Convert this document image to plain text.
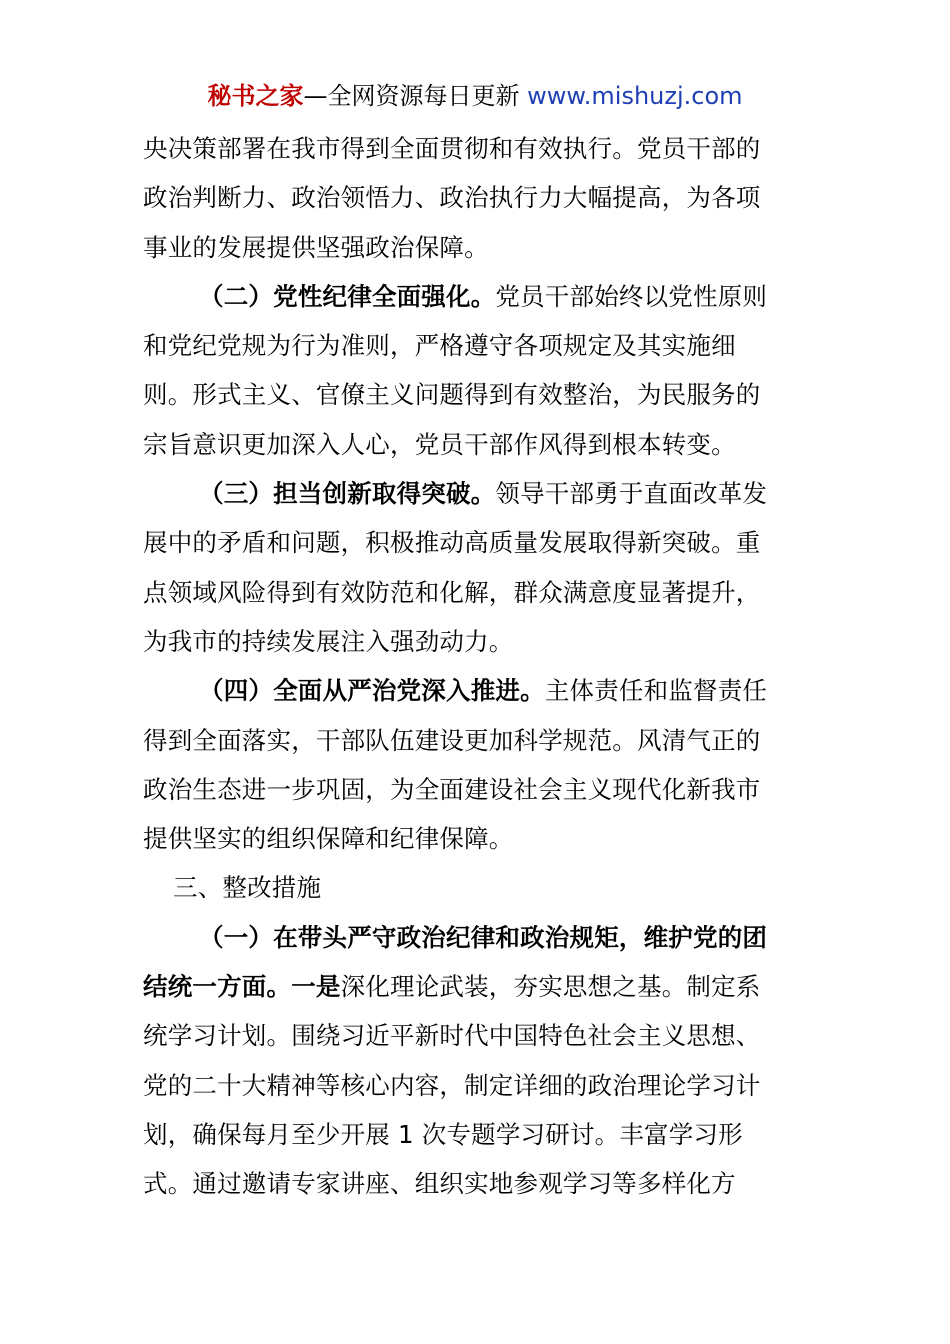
秘书之家—全网资源每日更新 www.mishuzj.com
央决策部署在我市得到全面贯彻和有效执行。党员干部的
政治判断力、政治领悟力、政治执行力大幅提高，为各项
事业的发展提供坚强政治保障。
（二）党性纪律全面强化。党员干部始终以党性原则
和党纪党规为行为准则，严格遵守各项规定及其实施细
则。形式主义、官僚主义问题得到有效整治，为民服务的
宗旨意识更加深入人心，党员干部作风得到根本转变。
（三）担当创新取得突破。领导干部勇于直面改革发
展中的矛盾和问题，积极推动高质量发展取得新突破。重
点领域风险得到有效防范和化解，群众满意度显著提升，
为我市的持续发展注入强劲动力。
（四）全面从严治党深入推进。主体责任和监督责任
得到全面落实，干部队伍建设更加科学规范。风清气正的
政治生态进一步巩固，为全面建设社会主义现代化新我市
提供坚实的组织保障和纪律保障。
三、整改措施
（一）在带头严守政治纪律和政治规矩，维护党的团
结统一方面。一是深化理论武装，夯实思想之基。制定系
统学习计划。围绕习近平新时代中国特色社会主义思想、
党的二十大精神等核心内容，制定详细的政治理论学习计
划，确保每月至少开展 1 次专题学习研讨。丰富学习形
式。通过邀请专家讲座、组织实地参观学习等多样化方
